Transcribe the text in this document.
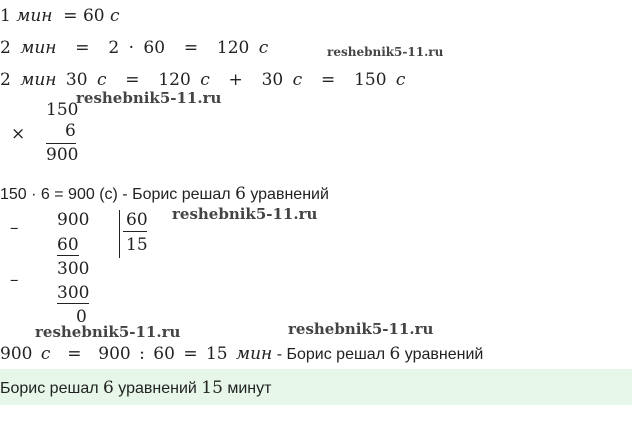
1 мин = 60 с
2 мин = 2 · 60 = 120 с
2 мин 30 с = 120 с + 30 с = 150 с
150
× 6
900
150 · 6 = 900 (с) - Борис решал 6 уравнений
– 900 60
15
60
300
–
300
0
900 с = 900 : 60 = 15 мин - Борис решал 6 уравнений
Борис решал 6 уравнений 15 минут
reshebnik5-11.ru
reshebnik5-11.ru
reshebnik5-11.ru
reshebnik5-11.ru	reshebnik5-11.ru
